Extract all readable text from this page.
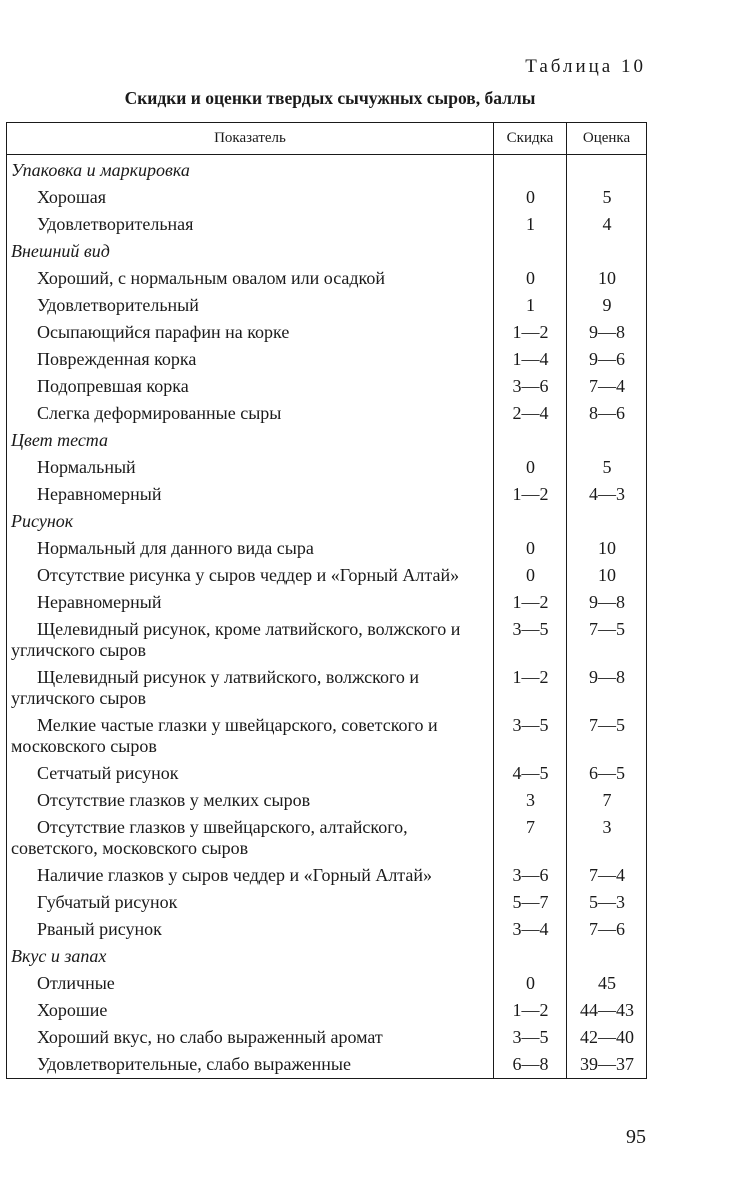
Таблица 10
Скидки и оценки твердых сычужных сыров, баллы
Показатель	Скидка	Оценка
Упаковка и маркировка		
Хорошая	0	5
Удовлетворительная	1	4
Внешний вид		
Хороший, с нормальным овалом или осадкой	0	10
Удовлетворительный	1	9
Осыпающийся парафин на корке	1—2	9—8
Поврежденная корка	1—4	9—6
Подопревшая корка	3—6	7—4
Слегка деформированные сыры	2—4	8—6
Цвет теста		
Нормальный	0	5
Неравномерный	1—2	4—3
Рисунок		
Нормальный для данного вида сыра	0	10
Отсутствие рисунка у сыров чеддер и «Горный Алтай»	0	10
Неравномерный	1—2	9—8
Щелевидный рисунок, кроме латвийского, волжского и угличского сыров	3—5	7—5
Щелевидный рисунок у латвийского, волжского и угличского сыров	1—2	9—8
Мелкие частые глазки у швейцарского, советского и московского сыров	3—5	7—5
Сетчатый рисунок	4—5	6—5
Отсутствие глазков у мелких сыров	3	7
Отсутствие глазков у швейцарского, алтайского, советского, московского сыров	7	3
Наличие глазков у сыров чеддер и «Горный Алтай»	3—6	7—4
Губчатый рисунок	5—7	5—3
Рваный рисунок	3—4	7—6
Вкус и запах		
Отличные	0	45
Хорошие	1—2	44—43
Хороший вкус, но слабо выраженный аромат	3—5	42—40
Удовлетворительные, слабо выраженные	6—8	39—37
95
